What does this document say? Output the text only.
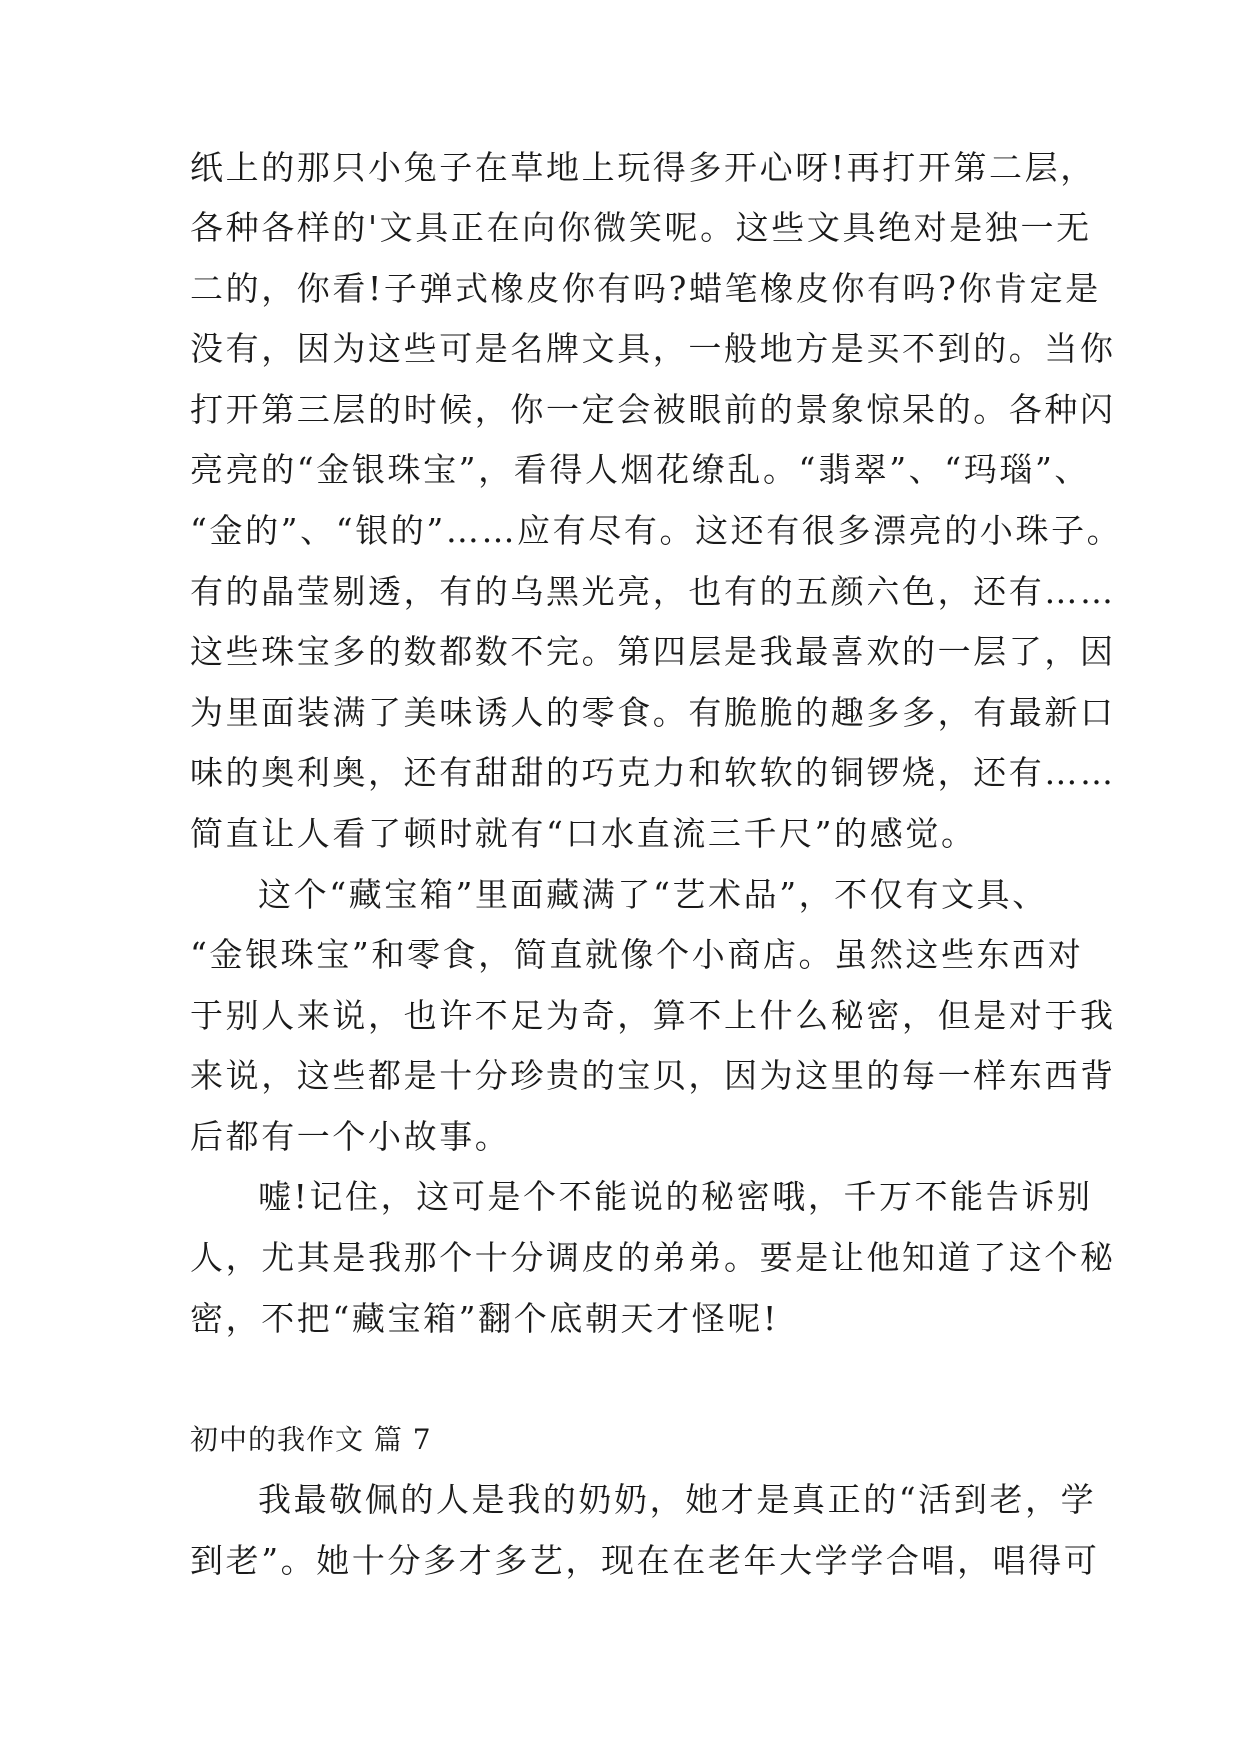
纸上的那只小兔子在草地上玩得多开心呀!再打开第二层，
各种各样的'文具正在向你微笑呢。这些文具绝对是独一无
二的，你看!子弹式橡皮你有吗?蜡笔橡皮你有吗?你肯定是
没有，因为这些可是名牌文具，一般地方是买不到的。当你
打开第三层的时候，你一定会被眼前的景象惊呆的。各种闪
亮亮的“金银珠宝”，看得人烟花缭乱。“翡翠”、“玛瑙”、
“金的”、“银的”……应有尽有。这还有很多漂亮的小珠子。
有的晶莹剔透，有的乌黑光亮，也有的五颜六色，还有……
这些珠宝多的数都数不完。第四层是我最喜欢的一层了，因
为里面装满了美味诱人的零食。有脆脆的趣多多，有最新口
味的奥利奥，还有甜甜的巧克力和软软的铜锣烧，还有……
简直让人看了顿时就有“口水直流三千尺”的感觉。
这个“藏宝箱”里面藏满了“艺术品”，不仅有文具、
“金银珠宝”和零食，简直就像个小商店。虽然这些东西对
于别人来说，也许不足为奇，算不上什么秘密，但是对于我
来说，这些都是十分珍贵的宝贝，因为这里的每一样东西背
后都有一个小故事。
嘘!记住，这可是个不能说的秘密哦，千万不能告诉别
人，尤其是我那个十分调皮的弟弟。要是让他知道了这个秘
密，不把“藏宝箱”翻个底朝天才怪呢!
初中的我作文 篇 7
我最敬佩的人是我的奶奶，她才是真正的“活到老，学
到老”。她十分多才多艺，现在在老年大学学合唱，唱得可
